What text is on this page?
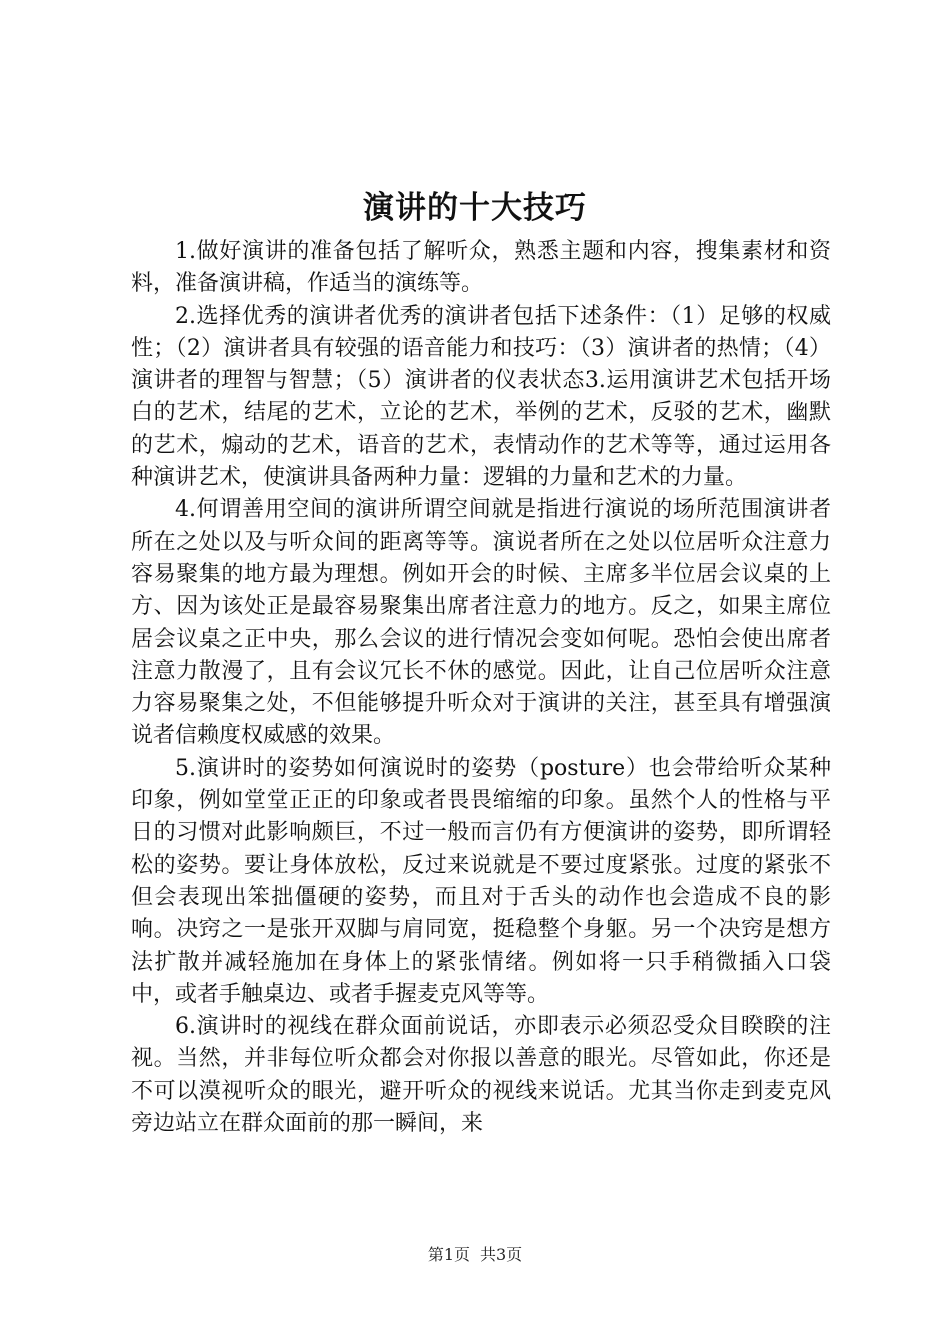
演讲的十大技巧

1.做好演讲的准备包括了解听众，熟悉主题和内容，搜集素材和资料，准备演讲稿，作适当的演练等。

2.选择优秀的演讲者优秀的演讲者包括下述条件：（1）足够的权威性；（2）演讲者具有较强的语音能力和技巧：（3）演讲者的热情；（4）演讲者的理智与智慧；（5）演讲者的仪表状态3.运用演讲艺术包括开场白的艺术，结尾的艺术，立论的艺术，举例的艺术，反驳的艺术，幽默的艺术，煽动的艺术，语音的艺术，表情动作的艺术等等，通过运用各种演讲艺术，使演讲具备两种力量：逻辑的力量和艺术的力量。

4.何谓善用空间的演讲所谓空间就是指进行演说的场所范围演讲者所在之处以及与听众间的距离等等。演说者所在之处以位居听众注意力容易聚集的地方最为理想。例如开会的时候、主席多半位居会议桌的上方、因为该处正是最容易聚集出席者注意力的地方。反之，如果主席位居会议桌之正中央，那么会议的进行情况会变如何呢。恐怕会使出席者注意力散漫了，且有会议冗长不休的感觉。因此，让自己位居听众注意力容易聚集之处，不但能够提升听众对于演讲的关注，甚至具有增强演说者信赖度权威感的效果。

5.演讲时的姿势如何演说时的姿势（posture）也会带给听众某种印象，例如堂堂正正的印象或者畏畏缩缩的印象。虽然个人的性格与平日的习惯对此影响颇巨，不过一般而言仍有方便演讲的姿势，即所谓轻松的姿势。要让身体放松，反过来说就是不要过度紧张。过度的紧张不但会表现出笨拙僵硬的姿势，而且对于舌头的动作也会造成不良的影响。决窍之一是张开双脚与肩同宽，挺稳整个身躯。另一个决窍是想方法扩散并减轻施加在身体上的紧张情绪。例如将一只手稍微插入口袋中，或者手触桌边、或者手握麦克风等等。

6.演讲时的视线在群众面前说话，亦即表示必须忍受众目睽睽的注视。当然，并非每位听众都会对你报以善意的眼光。尽管如此，你还是不可以漠视听众的眼光，避开听众的视线来说话。尤其当你走到麦克风旁边站立在群众面前的那一瞬间，来

第1页 共3页
